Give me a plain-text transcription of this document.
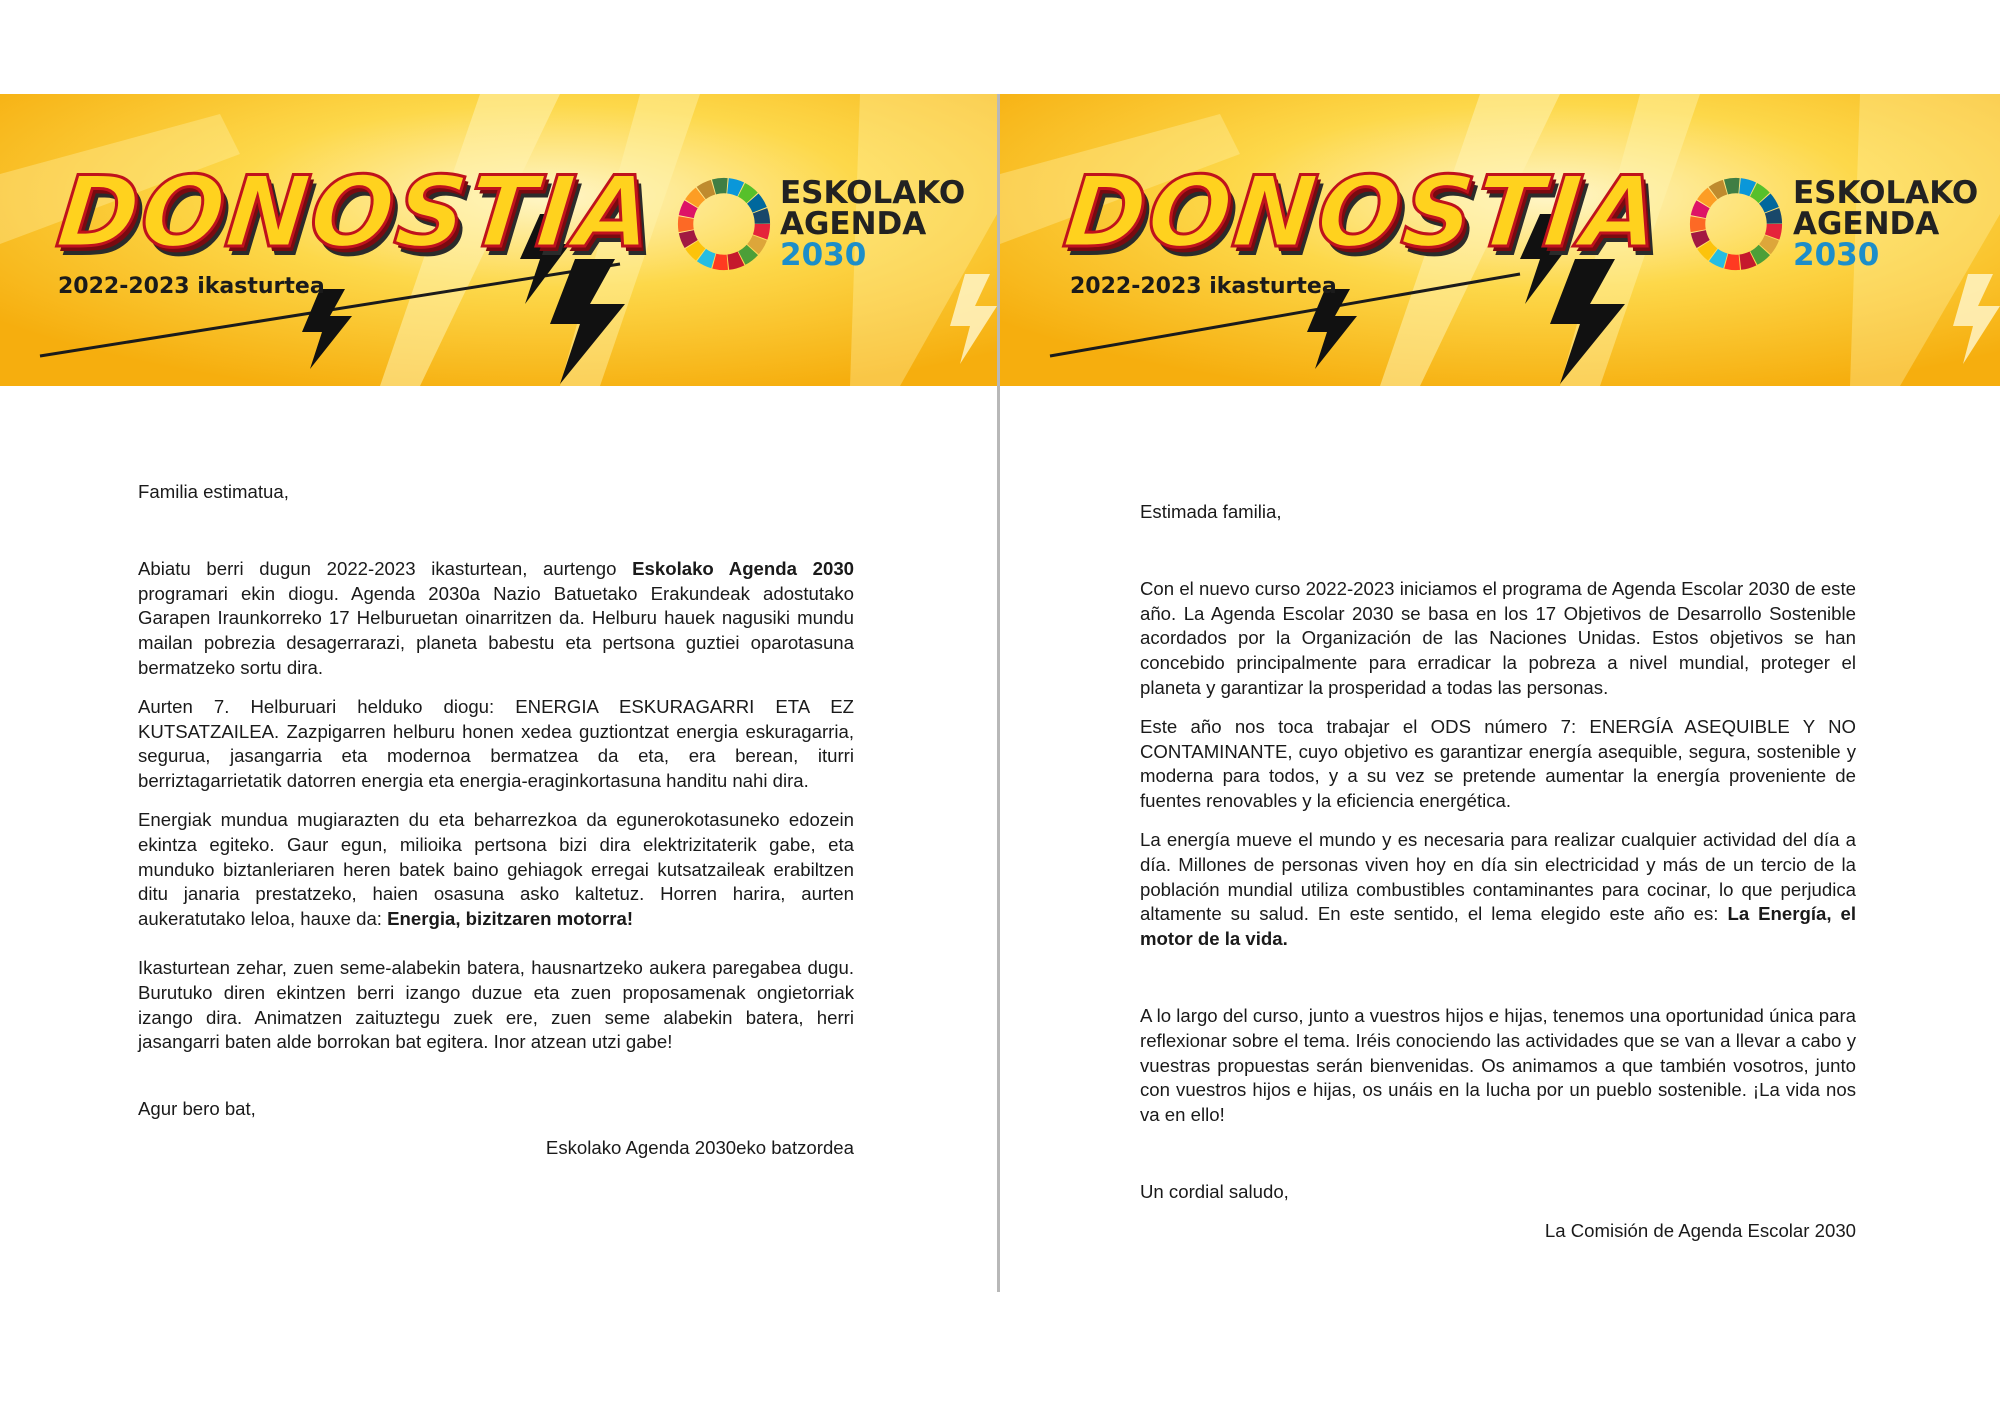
DONOSTIA
2022-2023 ikasturtea
ESKOLAKO
AGENDA
2030

Familia estimatua,

Abiatu berri dugun 2022-2023 ikasturtean, aurtengo Eskolako Agenda 2030 programari ekin diogu. Agenda 2030a Nazio Batuetako Erakundeak adostutako Garapen Iraunkorreko 17 Helburuetan oinarritzen da. Helburu hauek nagusiki mundu mailan pobrezia desagerrarazi, planeta babestu eta pertsona guztiei oparotasuna bermatzeko sortu dira.

Aurten 7. Helburuari helduko diogu: ENERGIA ESKURAGARRI ETA EZ KUTSATZAILEA. Zazpigarren helburu honen xedea guztiontzat energia eskuragarria, segurua, jasangarria eta modernoa bermatzea da eta, era berean, iturri berriztagarrietatik datorren energia eta energia-eraginkortasuna handitu nahi dira.

Energiak mundua mugiarazten du eta beharrezkoa da egunerokotasuneko edozein ekintza egiteko. Gaur egun, milioika pertsona bizi dira elektrizitaterik gabe, eta munduko biztanleriaren heren batek baino gehiagok erregai kutsatzaileak erabiltzen ditu janaria prestatzeko, haien osasuna asko kaltetuz. Horren harira, aurten aukeratutako leloa, hauxe da: Energia, bizitzaren motorra!

Ikasturtean zehar, zuen seme-alabekin batera, hausnartzeko aukera paregabea dugu. Burutuko diren ekintzen berri izango duzue eta zuen proposamenak ongietorriak izango dira. Animatzen zaituztegu zuek ere, zuen seme alabekin batera, herri jasangarri baten alde borrokan bat egitera. Inor atzean utzi gabe!

Agur bero bat,

Eskolako Agenda 2030eko batzordea

DONOSTIA
2022-2023 ikasturtea
ESKOLAKO
AGENDA
2030

Estimada familia,

Con el nuevo curso 2022-2023 iniciamos el programa de Agenda Escolar 2030 de este año. La Agenda Escolar 2030 se basa en los 17 Objetivos de Desarrollo Sostenible acordados por la Organización de las Naciones Unidas. Estos objetivos se han concebido principalmente para erradicar la pobreza a nivel mundial, proteger el planeta y garantizar la prosperidad a todas las personas.

Este año nos toca trabajar el ODS número 7: ENERGÍA ASEQUIBLE Y NO CONTAMINANTE, cuyo objetivo es garantizar energía asequible, segura, sostenible y moderna para todos, y a su vez se pretende aumentar la energía proveniente de fuentes renovables y la eficiencia energética.

La energía mueve el mundo y es necesaria para realizar cualquier actividad del día a día. Millones de personas viven hoy en día sin electricidad y más de un tercio de la población mundial utiliza combustibles contaminantes para cocinar, lo que perjudica altamente su salud. En este sentido, el lema elegido este año es: La Energía, el motor de la vida.

A lo largo del curso, junto a vuestros hijos e hijas, tenemos una oportunidad única para reflexionar sobre el tema. Iréis conociendo las actividades que se van a llevar a cabo y vuestras propuestas serán bienvenidas. Os animamos a que también vosotros, junto con vuestros hijos e hijas, os unáis en la lucha por un pueblo sostenible. ¡La vida nos va en ello!

Un cordial saludo,

La Comisión de Agenda Escolar 2030
